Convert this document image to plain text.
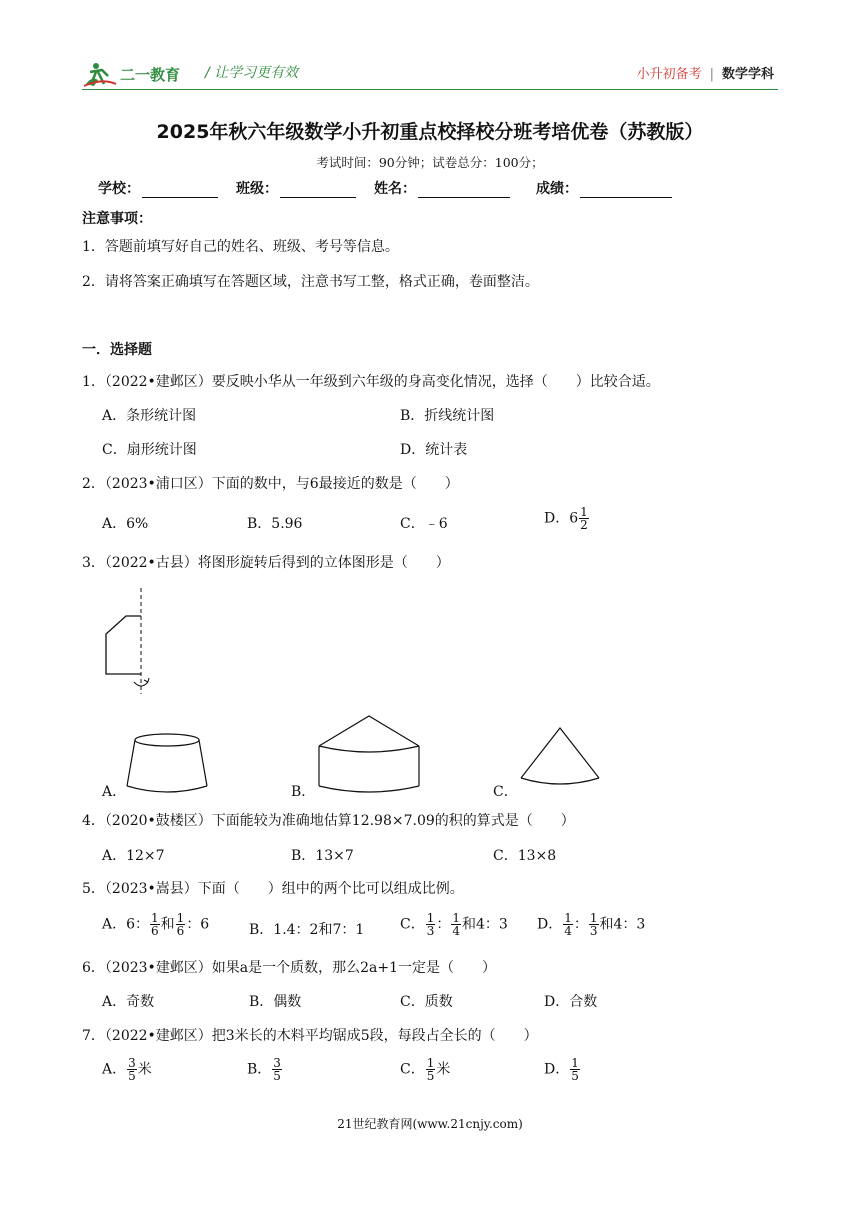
二一教育 / 让学习更有效	小升初备考 | 数学学科
2025年秋六年级数学小升初重点校择校分班考培优卷（苏教版）
考试时间：90分钟；试卷总分：100分；
学校：	班级：	姓名：	成绩：
注意事项：
1．答题前填写好自己的姓名、班级、考号等信息。
2．请将答案正确填写在答题区域，注意书写工整，格式正确，卷面整洁。
一．选择题
1．（2022•建邺区）要反映小华从一年级到六年级的身高变化情况，选择（　　）比较合适。
A．条形统计图	B．折线统计图
C．扇形统计图	D．统计表
2．（2023•浦口区）下面的数中，与6最接近的数是（　　）
A．6%	B．5.96	C．﹣6	D．$6 \frac{1}{2}$
3．（2022•古县）将图形旋转后得到的立体图形是（　　）
A．	B．	C．
4．（2020•鼓楼区）下面能较为准确地估算12.98×7.09的积的算式是（　　）
A．12×7	B．13×7	C．13×8
5．（2023•嵩县）下面（　　）组中的两个比可以组成比例。
A．6： $\frac{1}{6}$ 和 $\frac{1}{6}$ ：6	B．1.4：2和7：1	C． $\frac{1}{3}$ ： $\frac{1}{4}$ 和4：3 D． $\frac{1}{4}$ ： $\frac{1}{3}$ 和4：3
6．（2023•建邺区）如果a是一个质数，那么2a+1一定是（　　）
A．奇数	B．偶数	C．质数	D．合数
7．（2022•建邺区）把3米长的木料平均锯成5段，每段占全长的（　　）
A． $\frac{3}{5}$ 米	B． $\frac{3}{5}$	C． $\frac{1}{5}$ 米	D． $\frac{1}{5}$
21世纪教育网(www.21cnjy.com)
